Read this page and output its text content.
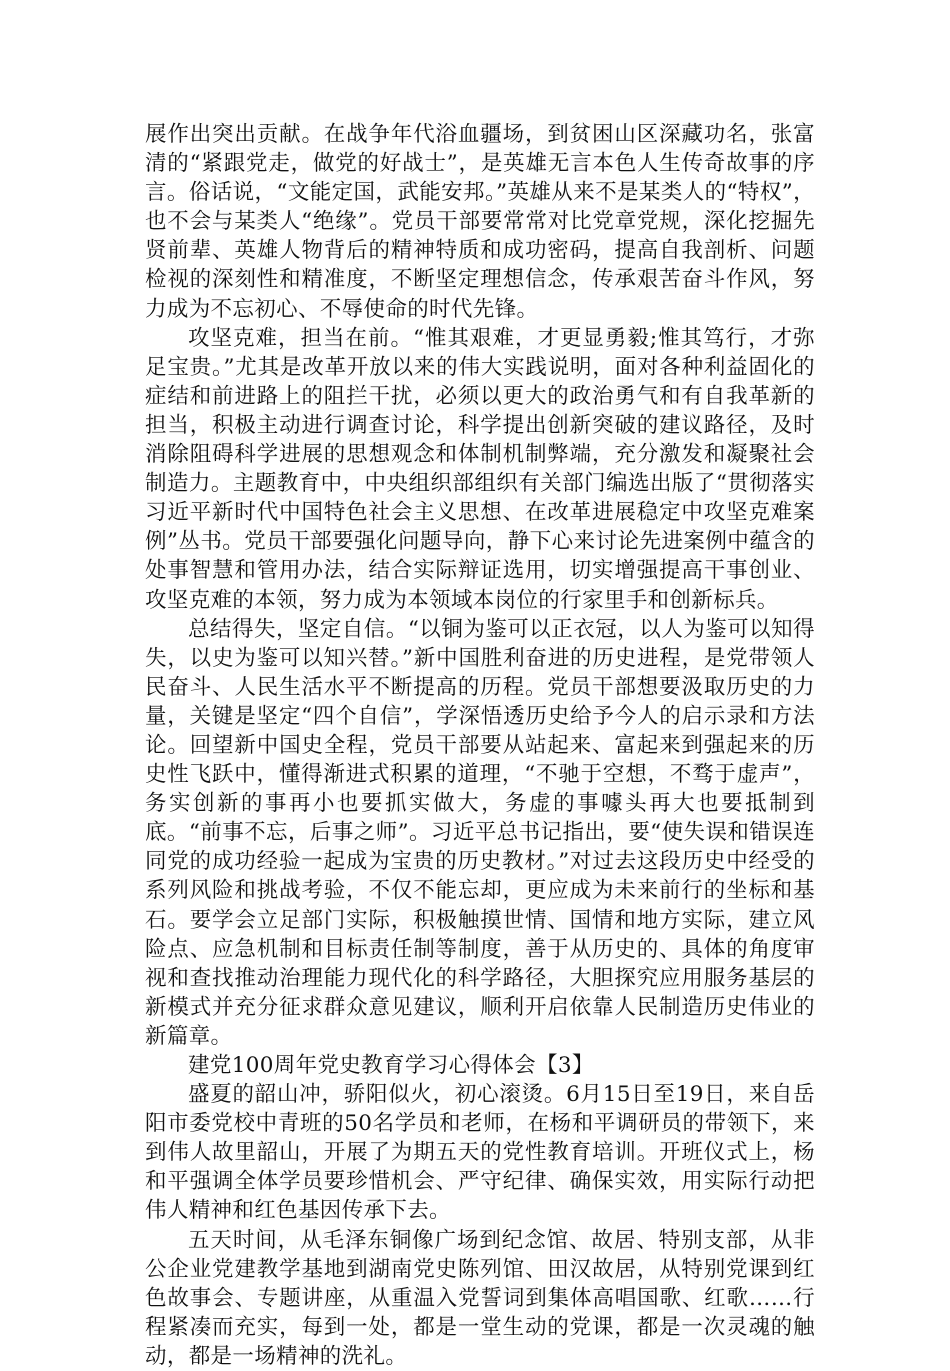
展作出突出贡献。在战争年代浴血疆场，到贫困山区深藏功名，张富清的“紧跟党走，做党的好战士”，是英雄无言本色人生传奇故事的序言。俗话说，“文能定国，武能安邦。”英雄从来不是某类人的“特权”，也不会与某类人“绝缘”。党员干部要常常对比党章党规，深化挖掘先贤前辈、英雄人物背后的精神特质和成功密码，提高自我剖析、问题检视的深刻性和精准度，不断坚定理想信念，传承艰苦奋斗作风，努力成为不忘初心、不辱使命的时代先锋。

攻坚克难，担当在前。“惟其艰难，才更显勇毅;惟其笃行，才弥足宝贵。”尤其是改革开放以来的伟大实践说明，面对各种利益固化的症结和前进路上的阻拦干扰，必须以更大的政治勇气和有自我革新的担当，积极主动进行调查讨论，科学提出创新突破的建议路径，及时消除阻碍科学进展的思想观念和体制机制弊端，充分激发和凝聚社会制造力。主题教育中，中央组织部组织有关部门编选出版了“贯彻落实习近平新时代中国特色社会主义思想、在改革进展稳定中攻坚克难案例”丛书。党员干部要强化问题导向，静下心来讨论先进案例中蕴含的处事智慧和管用办法，结合实际辩证选用，切实增强提高干事创业、攻坚克难的本领，努力成为本领域本岗位的行家里手和创新标兵。

总结得失，坚定自信。“以铜为鉴可以正衣冠，以人为鉴可以知得失，以史为鉴可以知兴替。”新中国胜利奋进的历史进程，是党带领人民奋斗、人民生活水平不断提高的历程。党员干部想要汲取历史的力量，关键是坚定“四个自信”，学深悟透历史给予今人的启示录和方法论。回望新中国史全程，党员干部要从站起来、富起来到强起来的历史性飞跃中，懂得渐进式积累的道理，“不驰于空想，不骛于虚声”，务实创新的事再小也要抓实做大，务虚的事噱头再大也要抵制到底。“前事不忘，后事之师”。习近平总书记指出，要“使失误和错误连同党的成功经验一起成为宝贵的历史教材。”对过去这段历史中经受的系列风险和挑战考验，不仅不能忘却，更应成为未来前行的坐标和基石。要学会立足部门实际，积极触摸世情、国情和地方实际，建立风险点、应急机制和目标责任制等制度，善于从历史的、具体的角度审视和查找推动治理能力现代化的科学路径，大胆探究应用服务基层的新模式并充分征求群众意见建议，顺利开启依靠人民制造历史伟业的新篇章。

建党100周年党史教育学习心得体会【3】

盛夏的韶山冲，骄阳似火，初心滚烫。6月15日至19日，来自岳阳市委党校中青班的50名学员和老师，在杨和平调研员的带领下，来到伟人故里韶山，开展了为期五天的党性教育培训。开班仪式上，杨和平强调全体学员要珍惜机会、严守纪律、确保实效，用实际行动把伟人精神和红色基因传承下去。

五天时间，从毛泽东铜像广场到纪念馆、故居、特别支部，从非公企业党建教学基地到湖南党史陈列馆、田汉故居，从特别党课到红色故事会、专题讲座，从重温入党誓词到集体高唱国歌、红歌……行程紧凑而充实，每到一处，都是一堂生动的党课，都是一次灵魂的触动，都是一场精神的洗礼。
